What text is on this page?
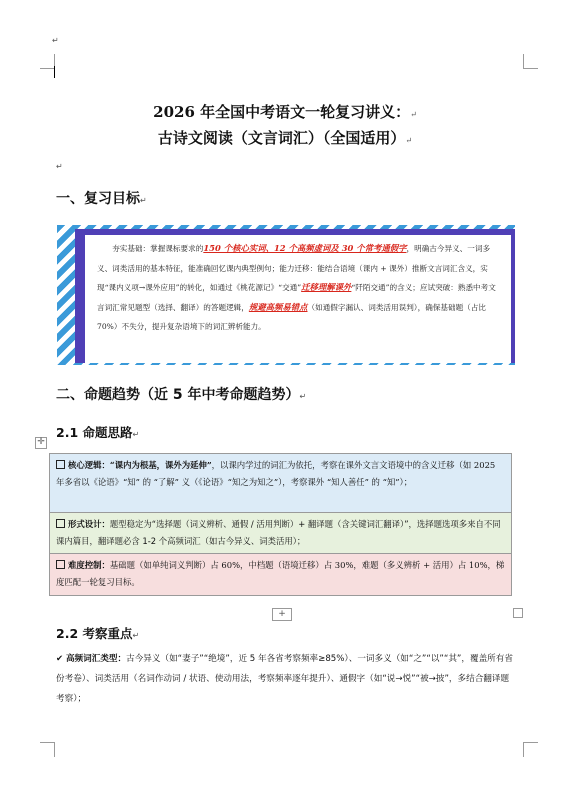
↵
2026 年全国中考语文一轮复习讲义：↵
古诗文阅读（文言词汇）（全国适用）↵
↵
一、复习目标↵
夯实基础：掌握课标要求的150 个核心实词、12 个高频虚词及 30 个常考通假字，明确古今异义、一词多义、词类活用的基本特征，能准确回忆课内典型例句；能力迁移：能结合语境（课内 + 课外）推断文言词汇含义，实现“课内义项→课外应用”的转化，如通过《桃花源记》“交通”迁移理解课外“阡陌交通”的含义；应试突破：熟悉中考文言词汇常见题型（选择、翻译）的答题逻辑，规避高频易错点（如通假字漏认、词类活用误判），确保基础题（占比 70%）不失分，提升复杂语境下的词汇辨析能力。
二、命题趋势（近 5 年中考命题趋势）↵
2.1 命题思路↵
✛
核心逻辑：“课内为根基，课外为延伸”，以课内学过的词汇为依托，考察在课外文言文语境中的含义迁移（如 2025 年多省以《论语》“知” 的 “了解” 义（《论语》“知之为知之”），考察课外 “知人善任” 的 “知”）；
形式设计：题型稳定为“选择题（词义辨析、通假 / 活用判断）+ 翻译题（含关键词汇翻译）”，选择题选项多来自不同课内篇目，翻译题必含 1-2 个高频词汇（如古今异义、词类活用）；
难度控制：基础题（如单纯词义判断）占 60%，中档题（语境迁移）占 30%，难题（多义辨析 + 活用）占 10%，梯度匹配一轮复习目标。
+
2.2 考察重点↵
✔ 高频词汇类型：古今异义（如“妻子”“绝境”，近 5 年各省考察频率≥85%）、一词多义（如“之”“以”“其”，覆盖所有省份考卷）、词类活用（名词作动词 / 状语、使动用法，考察频率逐年提升）、通假字（如“说→悦”“被→披”，多结合翻译题考察）；
